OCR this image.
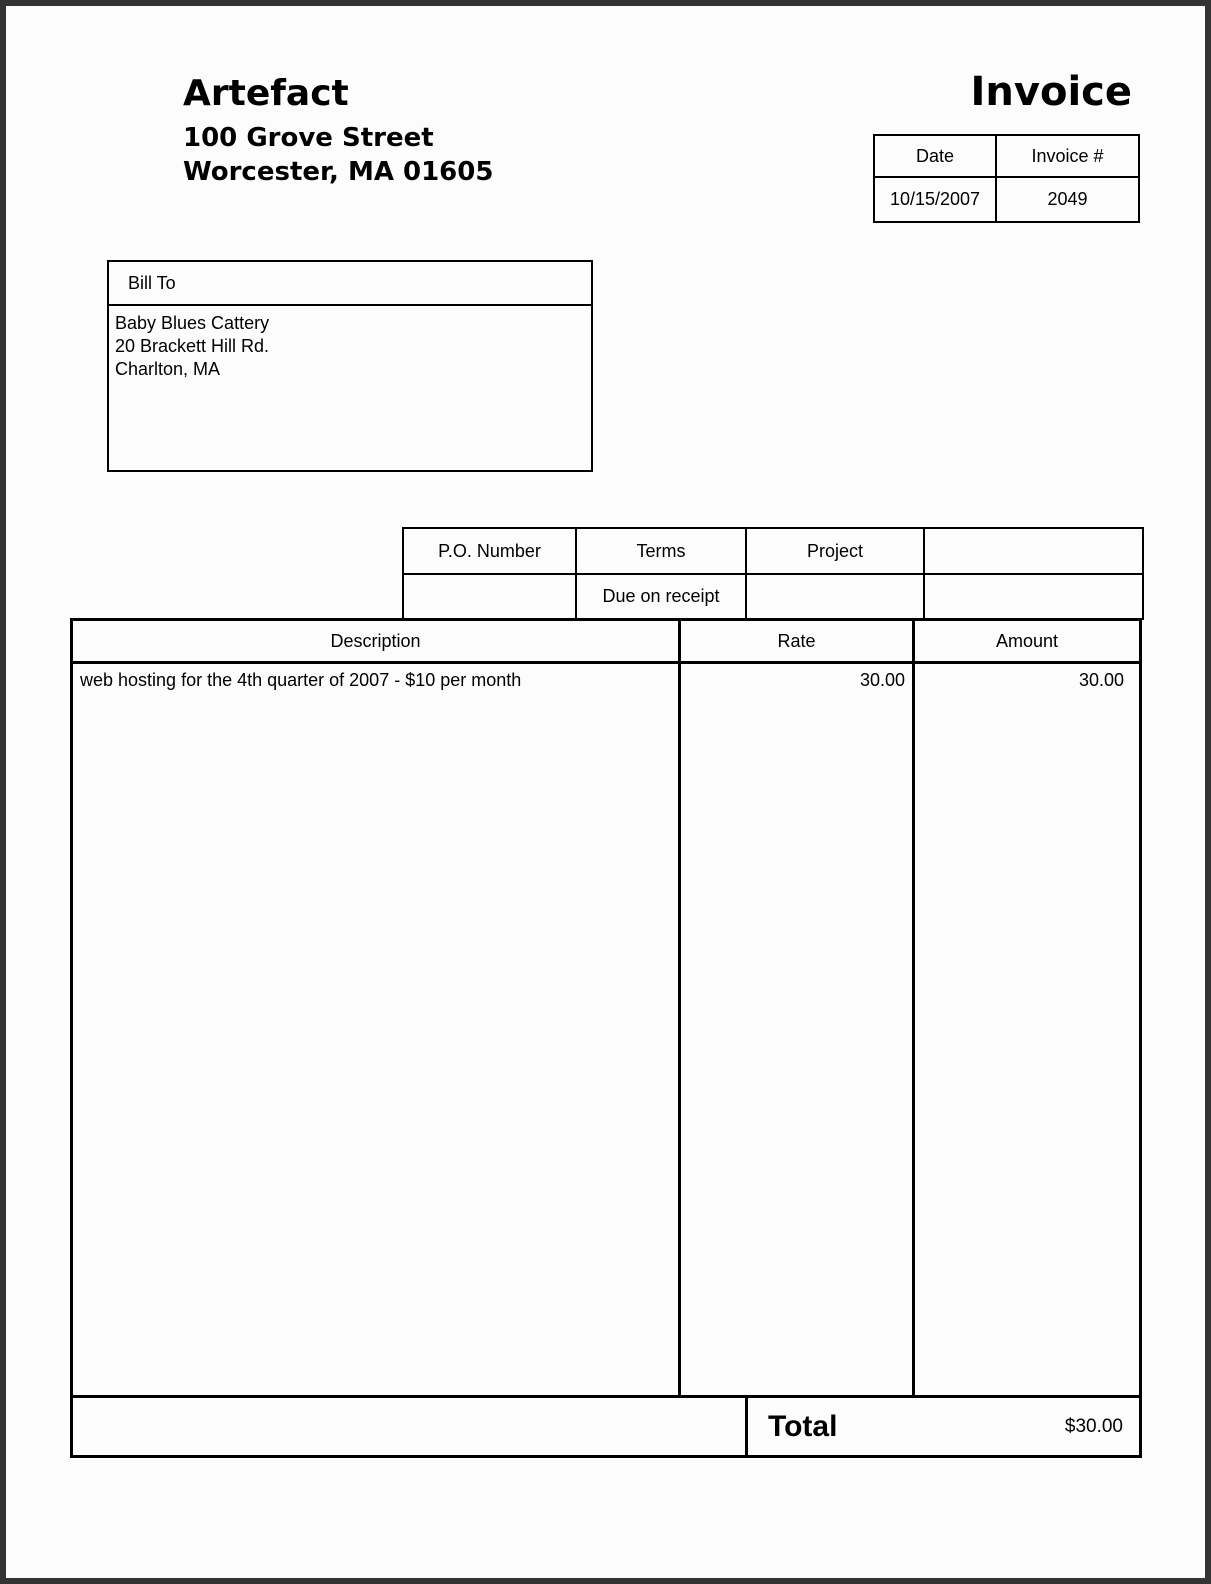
Artefact
100 Grove Street
Worcester, MA 01605
Invoice
Date	Invoice #
10/15/2007	2049
Bill To
Baby Blues Cattery
20 Brackett Hill Rd.
Charlton, MA
P.O. Number	Terms	Project	
	Due on receipt		
Description	Rate	Amount
web hosting for the 4th quarter of 2007 - $10 per month	30.00	30.00
Total	$30.00
